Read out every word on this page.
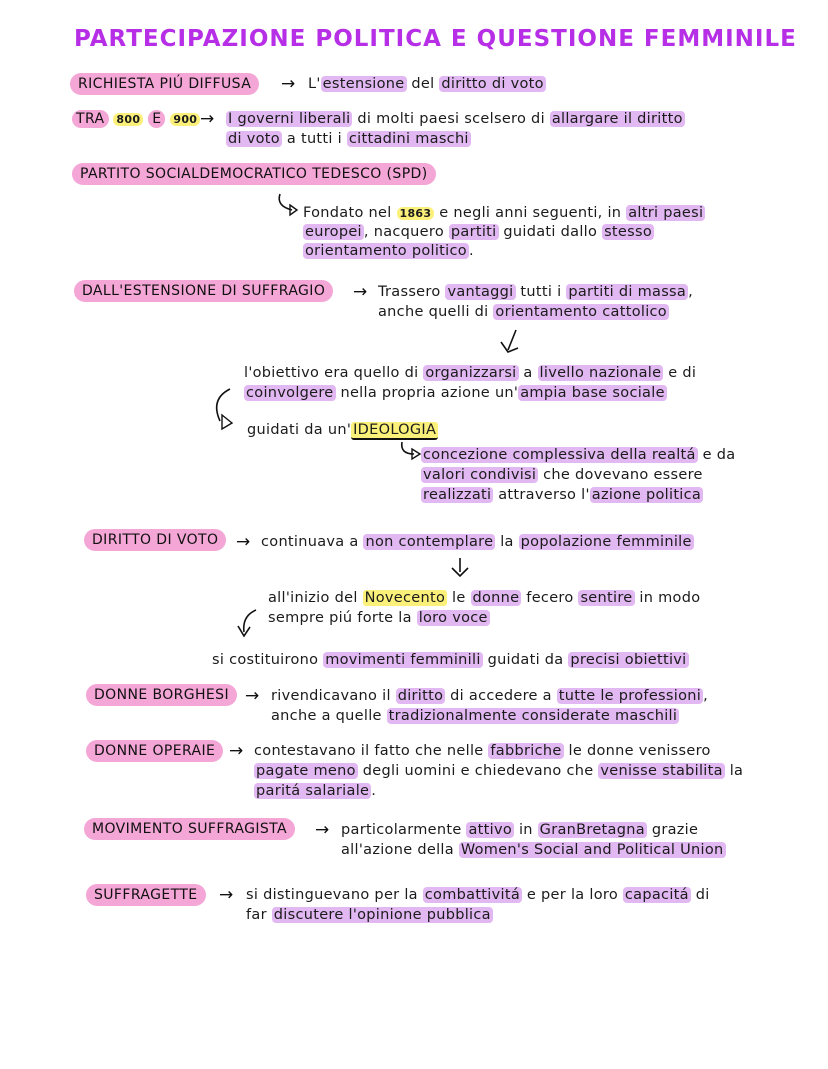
PARTECIPAZIONE POLITICA E QUESTIONE FEMMINILE
RICHIESTA PIÚ DIFFUSA	→ L' estensione del diritto di voto
TRA 800 E 900 → I governi liberali di molti paesi scelsero di allargare il diritto
di voto a tutti i cittadini maschi
PARTITO SOCIALDEMOCRATICO TEDESCO (SPD)
Fondato nel 1863 e negli anni seguenti, in altri paesi
europei , nacquero partiti guidati dallo stesso
orientamento politico .
DALL'ESTENSIONE DI SUFFRAGIO	→ Trassero vantaggi tutti i partiti di massa ,
anche quelli di orientamento cattolico
l'obiettivo era quello di organizzarsi a livello nazionale e di
coinvolgere nella propria azione un' ampia base sociale
guidati da un' IDEOLOGIA
concezione complessiva della realtá e da
valori condivisi che dovevano essere
realizzati attraverso l' azione politica
DIRITTO DI VOTO	→ continuava a non contemplare la popolazione femminile
all'inizio del Novecento le donne fecero sentire in modo
sempre piú forte la loro voce
si costituirono movimenti femminili guidati da precisi obiettivi
DONNE BORGHESI → rivendicavano il diritto di accedere a tutte le professioni ,
anche a quelle tradizionalmente considerate maschili
DONNE OPERAIE → contestavano il fatto che nelle fabbriche le donne venissero
pagate meno degli uomini e chiedevano che venisse stabilita la
paritá salariale .
MOVIMENTO SUFFRAGISTA	→ particolarmente attivo in GranBretagna grazie
all'azione della Women's Social and Political Union
SUFFRAGETTE	→ si distinguevano per la combattivitá e per la loro capacitá di
far discutere l'opinione pubblica
